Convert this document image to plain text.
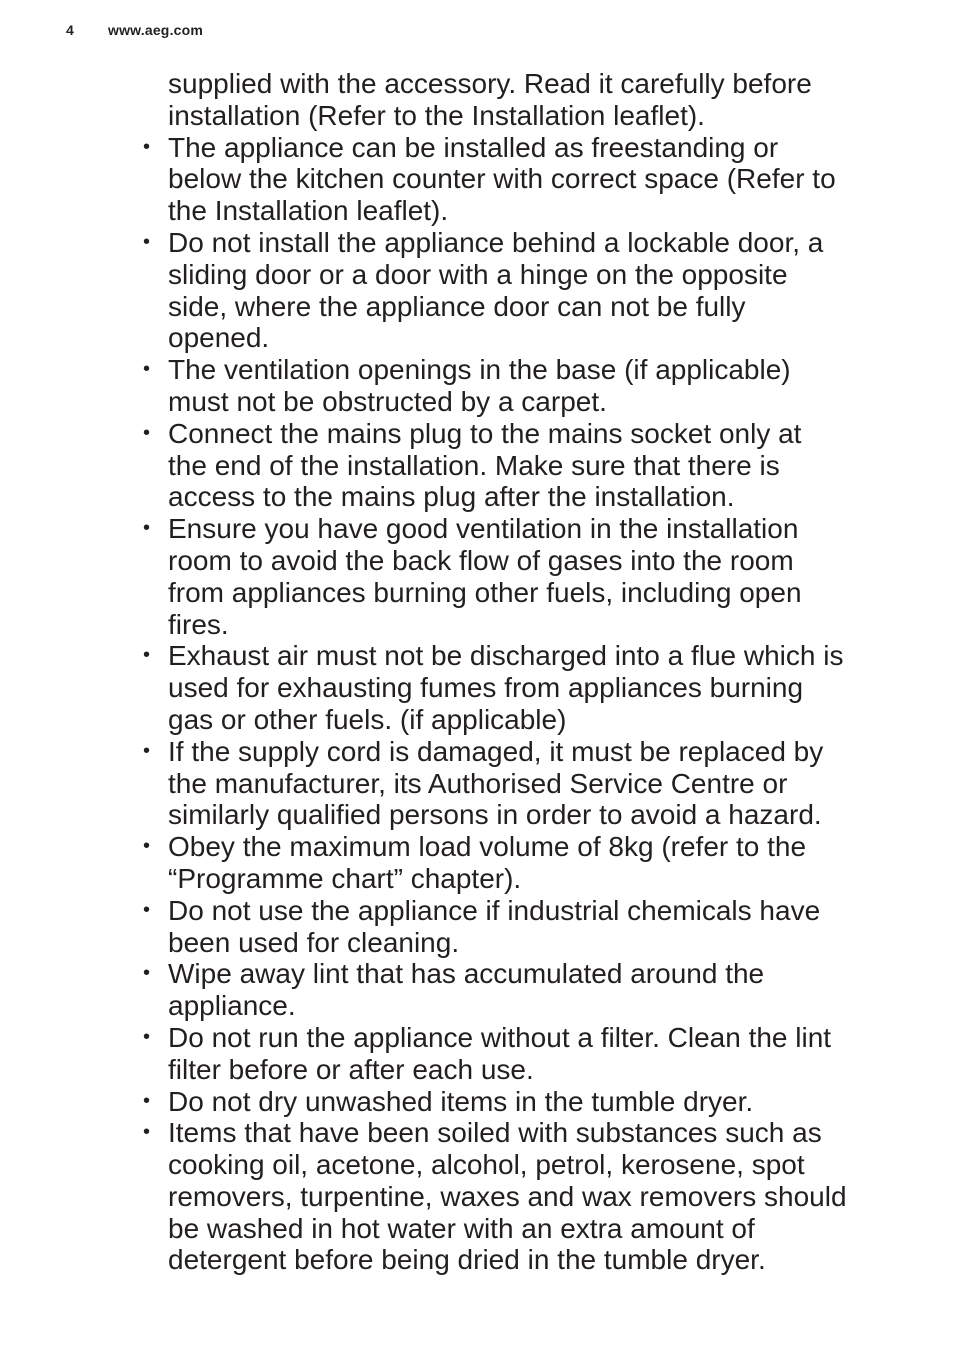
4 www.aeg.com

supplied with the accessory. Read it carefully before
installation (Refer to the Installation leaflet).

• The appliance can be installed as freestanding or
below the kitchen counter with correct space (Refer to
the Installation leaflet).
• Do not install the appliance behind a lockable door, a
sliding door or a door with a hinge on the opposite
side, where the appliance door can not be fully
opened.
• The ventilation openings in the base (if applicable)
must not be obstructed by a carpet.
• Connect the mains plug to the mains socket only at
the end of the installation. Make sure that there is
access to the mains plug after the installation.
• Ensure you have good ventilation in the installation
room to avoid the back flow of gases into the room
from appliances burning other fuels, including open
fires.
• Exhaust air must not be discharged into a flue which is
used for exhausting fumes from appliances burning
gas or other fuels. (if applicable)
• If the supply cord is damaged, it must be replaced by
the manufacturer, its Authorised Service Centre or
similarly qualified persons in order to avoid a hazard.
• Obey the maximum load volume of 8kg (refer to the
“Programme chart” chapter).
• Do not use the appliance if industrial chemicals have
been used for cleaning.
• Wipe away lint that has accumulated around the
appliance.
• Do not run the appliance without a filter. Clean the lint
filter before or after each use.
• Do not dry unwashed items in the tumble dryer.
• Items that have been soiled with substances such as
cooking oil, acetone, alcohol, petrol, kerosene, spot
removers, turpentine, waxes and wax removers should
be washed in hot water with an extra amount of
detergent before being dried in the tumble dryer.
